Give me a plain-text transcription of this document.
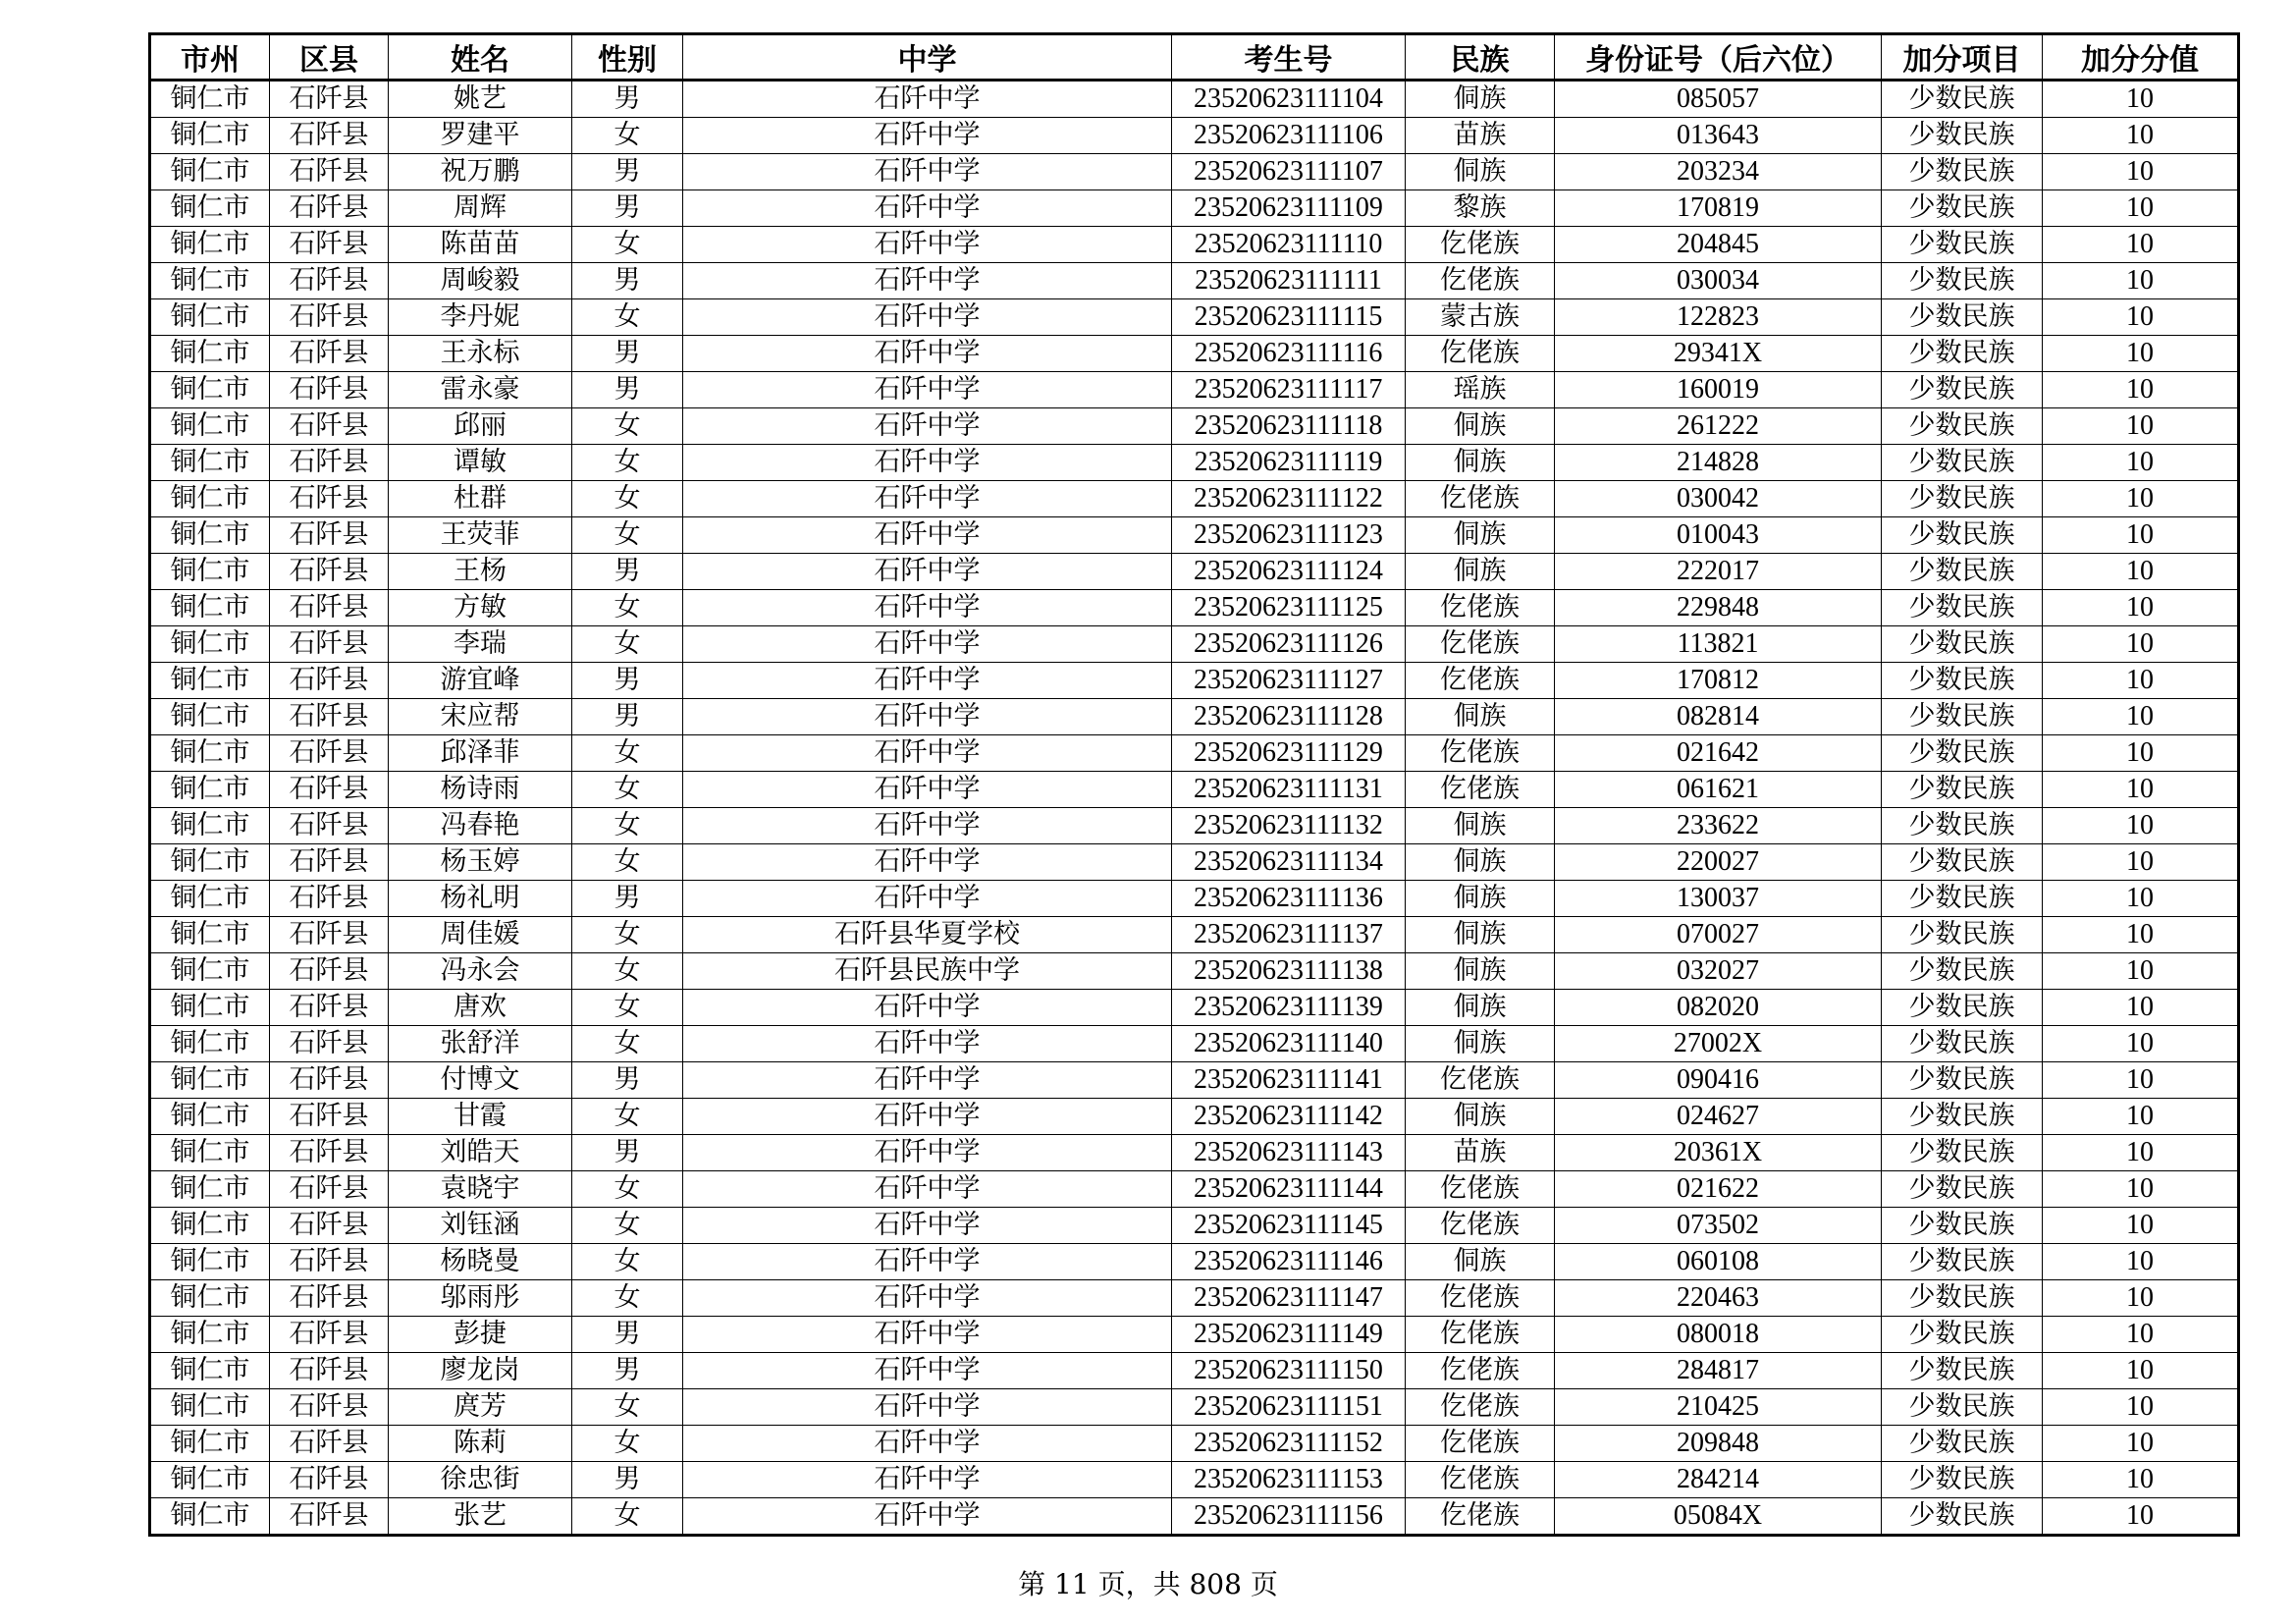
市州	区县	姓名	性别	中学	考生号	民族	身份证号（后六位）	加分项目	加分分值
铜仁市	石阡县	姚艺	男	石阡中学	23520623111104	侗族	085057	少数民族	10
铜仁市	石阡县	罗建平	女	石阡中学	23520623111106	苗族	013643	少数民族	10
铜仁市	石阡县	祝万鹏	男	石阡中学	23520623111107	侗族	203234	少数民族	10
铜仁市	石阡县	周辉	男	石阡中学	23520623111109	黎族	170819	少数民族	10
铜仁市	石阡县	陈苗苗	女	石阡中学	23520623111110	仡佬族	204845	少数民族	10
铜仁市	石阡县	周峻毅	男	石阡中学	23520623111111	仡佬族	030034	少数民族	10
铜仁市	石阡县	李丹妮	女	石阡中学	23520623111115	蒙古族	122823	少数民族	10
铜仁市	石阡县	王永标	男	石阡中学	23520623111116	仡佬族	29341X	少数民族	10
铜仁市	石阡县	雷永豪	男	石阡中学	23520623111117	瑶族	160019	少数民族	10
铜仁市	石阡县	邱丽	女	石阡中学	23520623111118	侗族	261222	少数民族	10
铜仁市	石阡县	谭敏	女	石阡中学	23520623111119	侗族	214828	少数民族	10
铜仁市	石阡县	杜群	女	石阡中学	23520623111122	仡佬族	030042	少数民族	10
铜仁市	石阡县	王荧菲	女	石阡中学	23520623111123	侗族	010043	少数民族	10
铜仁市	石阡县	王杨	男	石阡中学	23520623111124	侗族	222017	少数民族	10
铜仁市	石阡县	方敏	女	石阡中学	23520623111125	仡佬族	229848	少数民族	10
铜仁市	石阡县	李瑞	女	石阡中学	23520623111126	仡佬族	113821	少数民族	10
铜仁市	石阡县	游宜峰	男	石阡中学	23520623111127	仡佬族	170812	少数民族	10
铜仁市	石阡县	宋应帮	男	石阡中学	23520623111128	侗族	082814	少数民族	10
铜仁市	石阡县	邱泽菲	女	石阡中学	23520623111129	仡佬族	021642	少数民族	10
铜仁市	石阡县	杨诗雨	女	石阡中学	23520623111131	仡佬族	061621	少数民族	10
铜仁市	石阡县	冯春艳	女	石阡中学	23520623111132	侗族	233622	少数民族	10
铜仁市	石阡县	杨玉婷	女	石阡中学	23520623111134	侗族	220027	少数民族	10
铜仁市	石阡县	杨礼明	男	石阡中学	23520623111136	侗族	130037	少数民族	10
铜仁市	石阡县	周佳媛	女	石阡县华夏学校	23520623111137	侗族	070027	少数民族	10
铜仁市	石阡县	冯永会	女	石阡县民族中学	23520623111138	侗族	032027	少数民族	10
铜仁市	石阡县	唐欢	女	石阡中学	23520623111139	侗族	082020	少数民族	10
铜仁市	石阡县	张舒洋	女	石阡中学	23520623111140	侗族	27002X	少数民族	10
铜仁市	石阡县	付博文	男	石阡中学	23520623111141	仡佬族	090416	少数民族	10
铜仁市	石阡县	甘霞	女	石阡中学	23520623111142	侗族	024627	少数民族	10
铜仁市	石阡县	刘皓天	男	石阡中学	23520623111143	苗族	20361X	少数民族	10
铜仁市	石阡县	袁晓宇	女	石阡中学	23520623111144	仡佬族	021622	少数民族	10
铜仁市	石阡县	刘钰涵	女	石阡中学	23520623111145	仡佬族	073502	少数民族	10
铜仁市	石阡县	杨晓曼	女	石阡中学	23520623111146	侗族	060108	少数民族	10
铜仁市	石阡县	邬雨彤	女	石阡中学	23520623111147	仡佬族	220463	少数民族	10
铜仁市	石阡县	彭捷	男	石阡中学	23520623111149	仡佬族	080018	少数民族	10
铜仁市	石阡县	廖龙岗	男	石阡中学	23520623111150	仡佬族	284817	少数民族	10
铜仁市	石阡县	庹芳	女	石阡中学	23520623111151	仡佬族	210425	少数民族	10
铜仁市	石阡县	陈莉	女	石阡中学	23520623111152	仡佬族	209848	少数民族	10
铜仁市	石阡县	徐忠街	男	石阡中学	23520623111153	仡佬族	284214	少数民族	10
铜仁市	石阡县	张艺	女	石阡中学	23520623111156	仡佬族	05084X	少数民族	10
第 11 页，共 808 页
